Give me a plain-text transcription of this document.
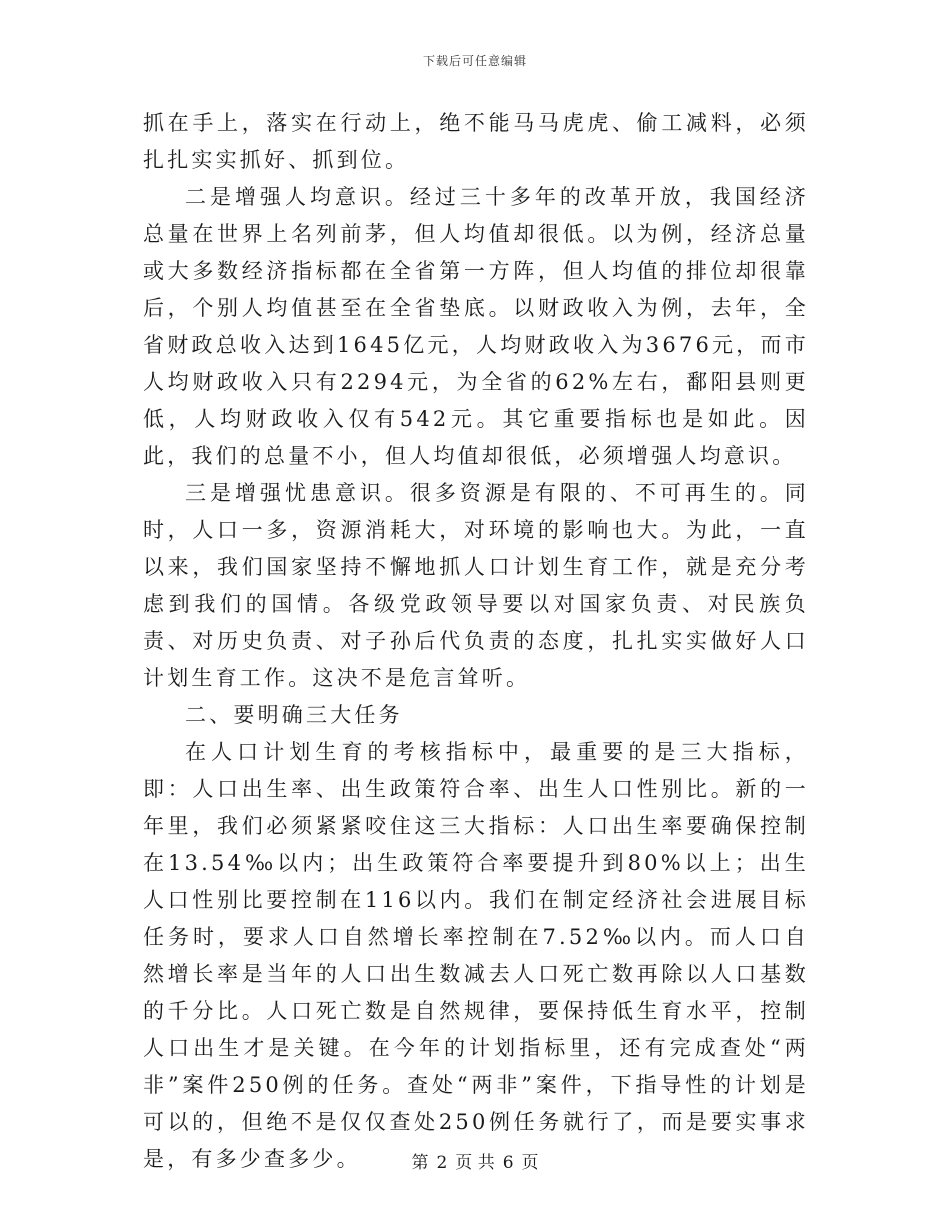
下载后可任意编辑

抓在手上，落实在行动上，绝不能马马虎虎、偷工减料，必须扎扎实实抓好、抓到位。

二是增强人均意识。经过三十多年的改革开放，我国经济总量在世界上名列前茅，但人均值却很低。以为例，经济总量或大多数经济指标都在全省第一方阵，但人均值的排位却很靠后，个别人均值甚至在全省垫底。以财政收入为例，去年，全省财政总收入达到1645亿元，人均财政收入为3676元，而市人均财政收入只有2294元，为全省的62%左右，鄱阳县则更低，人均财政收入仅有542元。其它重要指标也是如此。因此，我们的总量不小，但人均值却很低，必须增强人均意识。

三是增强忧患意识。很多资源是有限的、不可再生的。同时，人口一多，资源消耗大，对环境的影响也大。为此，一直以来，我们国家坚持不懈地抓人口计划生育工作，就是充分考虑到我们的国情。各级党政领导要以对国家负责、对民族负责、对历史负责、对子孙后代负责的态度，扎扎实实做好人口计划生育工作。这决不是危言耸听。

二、要明确三大任务

在人口计划生育的考核指标中，最重要的是三大指标，即：人口出生率、出生政策符合率、出生人口性别比。新的一年里，我们必须紧紧咬住这三大指标：人口出生率要确保控制在13.54‰以内；出生政策符合率要提升到80%以上；出生人口性别比要控制在116以内。我们在制定经济社会进展目标任务时，要求人口自然增长率控制在7.52‰以内。而人口自然增长率是当年的人口出生数减去人口死亡数再除以人口基数的千分比。人口死亡数是自然规律，要保持低生育水平，控制人口出生才是关键。在今年的计划指标里，还有完成查处“两非”案件250例的任务。查处“两非”案件，下指导性的计划是可以的，但绝不是仅仅查处250例任务就行了，而是要实事求是，有多少查多少。	第 2 页 共 6 页
